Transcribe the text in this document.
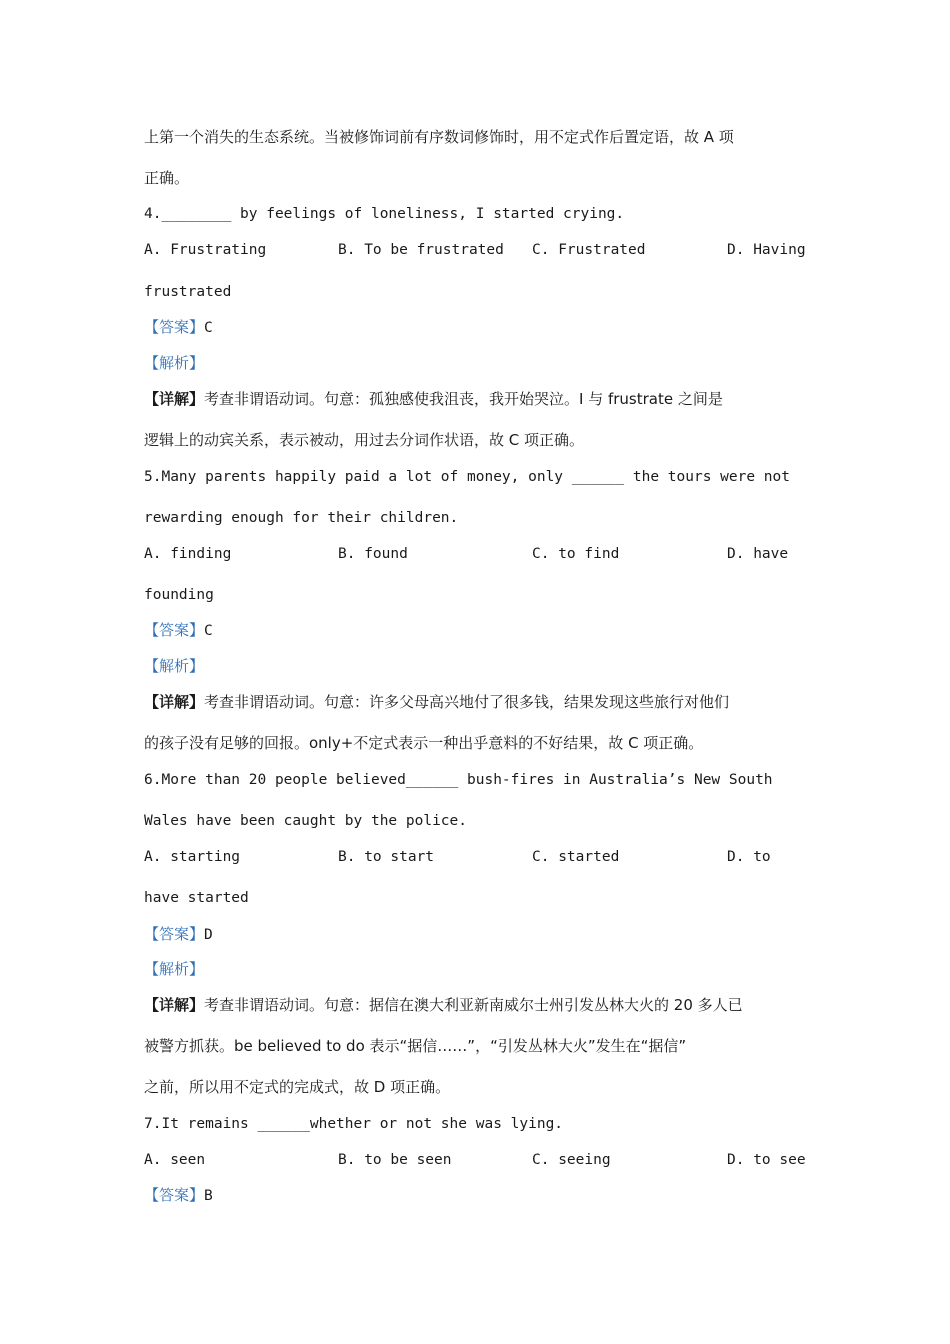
上第一个消失的生态系统。当被修饰词前有序数词修饰时，用不定式作后置定语，故 A 项
正确。
4.________ by feelings of loneliness, I started crying.
A. Frustrating	B. To be frustrated C. Frustrated	D. Having
frustrated
【答案】C
【解析】
【详解】考查非谓语动词。句意：孤独感使我沮丧，我开始哭泣。I 与 frustrate 之间是
逻辑上的动宾关系，表示被动，用过去分词作状语，故 C 项正确。
5.Many parents happily paid a lot of money, only ______ the tours were not
rewarding enough for their children.
A. finding	B. found	C. to find	D. have
founding
【答案】C
【解析】
【详解】考查非谓语动词。句意：许多父母高兴地付了很多钱，结果发现这些旅行对他们
的孩子没有足够的回报。only+不定式表示一种出乎意料的不好结果，故 C 项正确。
6.More than 20 people believed______ bush-fires in Australia’s New South
Wales have been caught by the police.
A. starting	B. to start	C. started	D. to
have started
【答案】D
【解析】
【详解】考查非谓语动词。句意：据信在澳大利亚新南威尔士州引发丛林大火的 20 多人已
被警方抓获。be believed to do 表示“据信……”，“引发丛林大火”发生在“据信”
之前，所以用不定式的完成式，故 D 项正确。
7.It remains ______whether or not she was lying.
A. seen	B. to be seen	C. seeing	D. to see
【答案】B
